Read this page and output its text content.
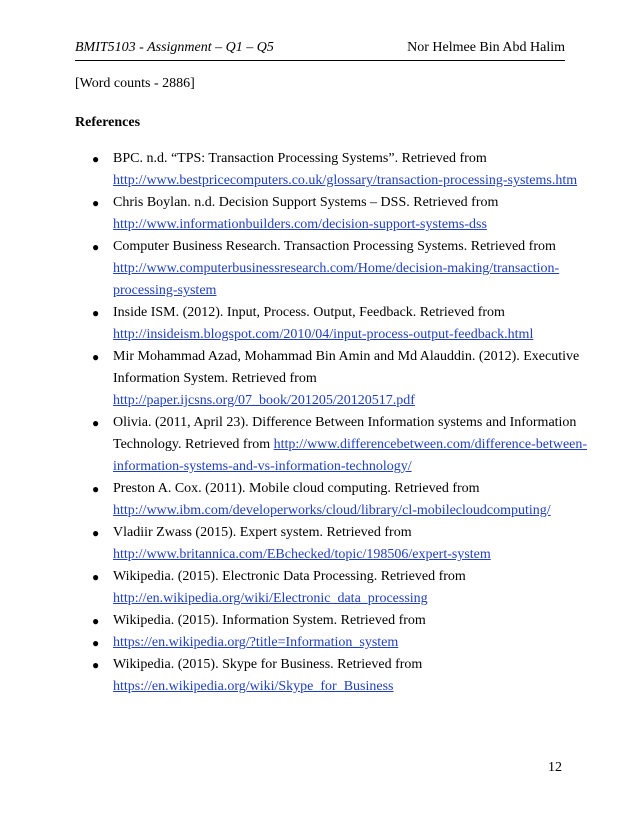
BMIT5103 - Assignment – Q1 – Q5	Nor Helmee Bin Abd Halim
[Word counts - 2886]
References
● BPC. n.d. “TPS: Transaction Processing Systems”. Retrieved from
http://www.bestpricecomputers.co.uk/glossary/transaction-processing-systems.htm
● Chris Boylan. n.d. Decision Support Systems – DSS. Retrieved from
http://www.informationbuilders.com/decision-support-systems-dss
● Computer Business Research. Transaction Processing Systems. Retrieved from
http://www.computerbusinessresearch.com/Home/decision-making/transaction-
processing-system
● Inside ISM. (2012). Input, Process. Output, Feedback. Retrieved from
http://insideism.blogspot.com/2010/04/input-process-output-feedback.html
● Mir Mohammad Azad, Mohammad Bin Amin and Md Alauddin. (2012). Executive
Information System. Retrieved from
http://paper.ijcsns.org/07_book/201205/20120517.pdf
● Olivia. (2011, April 23). Difference Between Information systems and Information
Technology. Retrieved from http://www.differencebetween.com/difference-between-
information-systems-and-vs-information-technology/
● Preston A. Cox. (2011). Mobile cloud computing. Retrieved from
http://www.ibm.com/developerworks/cloud/library/cl-mobilecloudcomputing/
● Vladiir Zwass (2015). Expert system. Retrieved from
http://www.britannica.com/EBchecked/topic/198506/expert-system
● Wikipedia. (2015). Electronic Data Processing. Retrieved from
http://en.wikipedia.org/wiki/Electronic_data_processing
● Wikipedia. (2015). Information System. Retrieved from
● https://en.wikipedia.org/?title=Information_system
● Wikipedia. (2015). Skype for Business. Retrieved from
https://en.wikipedia.org/wiki/Skype_for_Business
12
